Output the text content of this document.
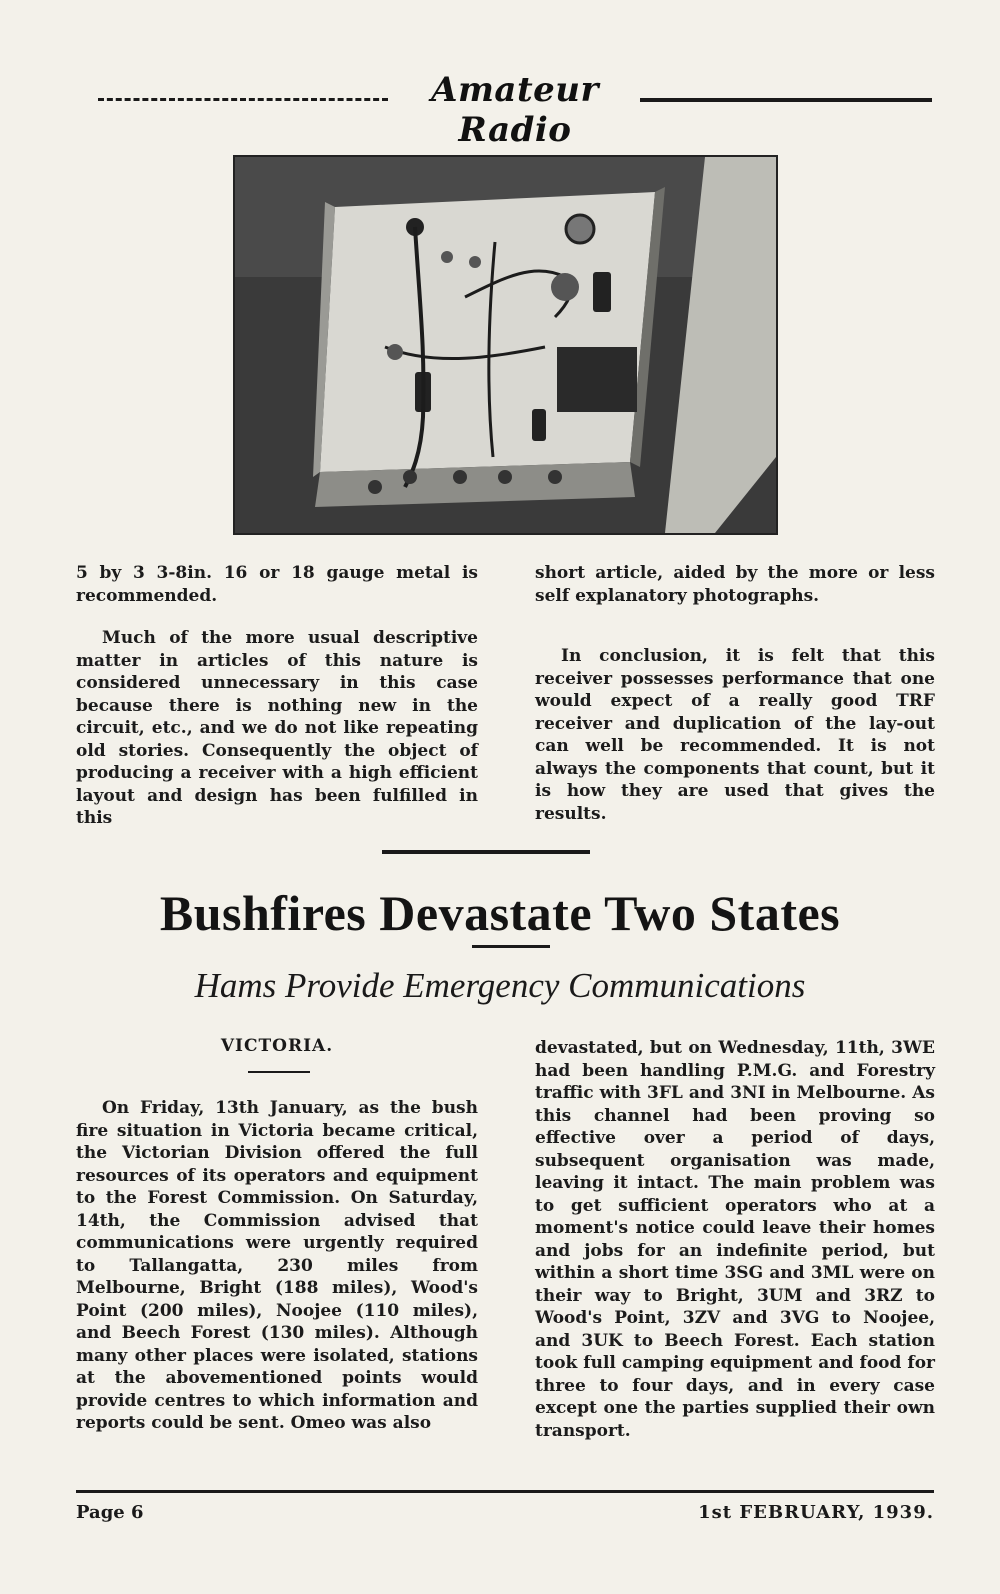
Amateur Radio

5 by 3 3-8in. 16 or 18 gauge metal is recommended.

Much of the more usual descriptive matter in articles of this nature is considered unnecessary in this case because there is nothing new in the circuit, etc., and we do not like repeating old stories. Consequently the object of producing a receiver with a high efficient layout and design has been fulfilled in this

short article, aided by the more or less self explanatory photographs.

In conclusion, it is felt that this receiver possesses performance that one would expect of a really good TRF receiver and duplication of the lay-out can well be recommended. It is not always the components that count, but it is how they are used that gives the results.

Bushfires Devastate Two States
Hams Provide Emergency Communications
VICTORIA.

On Friday, 13th January, as the bush fire situation in Victoria became critical, the Victorian Division offered the full resources of its operators and equipment to the Forest Commission. On Saturday, 14th, the Commission advised that communications were urgently required to Tallangatta, 230 miles from Melbourne, Bright (188 miles), Wood's Point (200 miles), Noojee (110 miles), and Beech Forest (130 miles). Although many other places were isolated, stations at the abovementioned points would provide centres to which information and reports could be sent. Omeo was also

devastated, but on Wednesday, 11th, 3WE had been handling P.M.G. and Forestry traffic with 3FL and 3NI in Melbourne. As this channel had been proving so effective over a period of days, subsequent organisation was made, leaving it intact. The main problem was to get sufficient operators who at a moment's notice could leave their homes and jobs for an indefinite period, but within a short time 3SG and 3ML were on their way to Bright, 3UM and 3RZ to Wood's Point, 3ZV and 3VG to Noojee, and 3UK to Beech Forest. Each station took full camping equipment and food for three to four days, and in every case except one the parties supplied their own transport.

Page 6	1st FEBRUARY, 1939.
